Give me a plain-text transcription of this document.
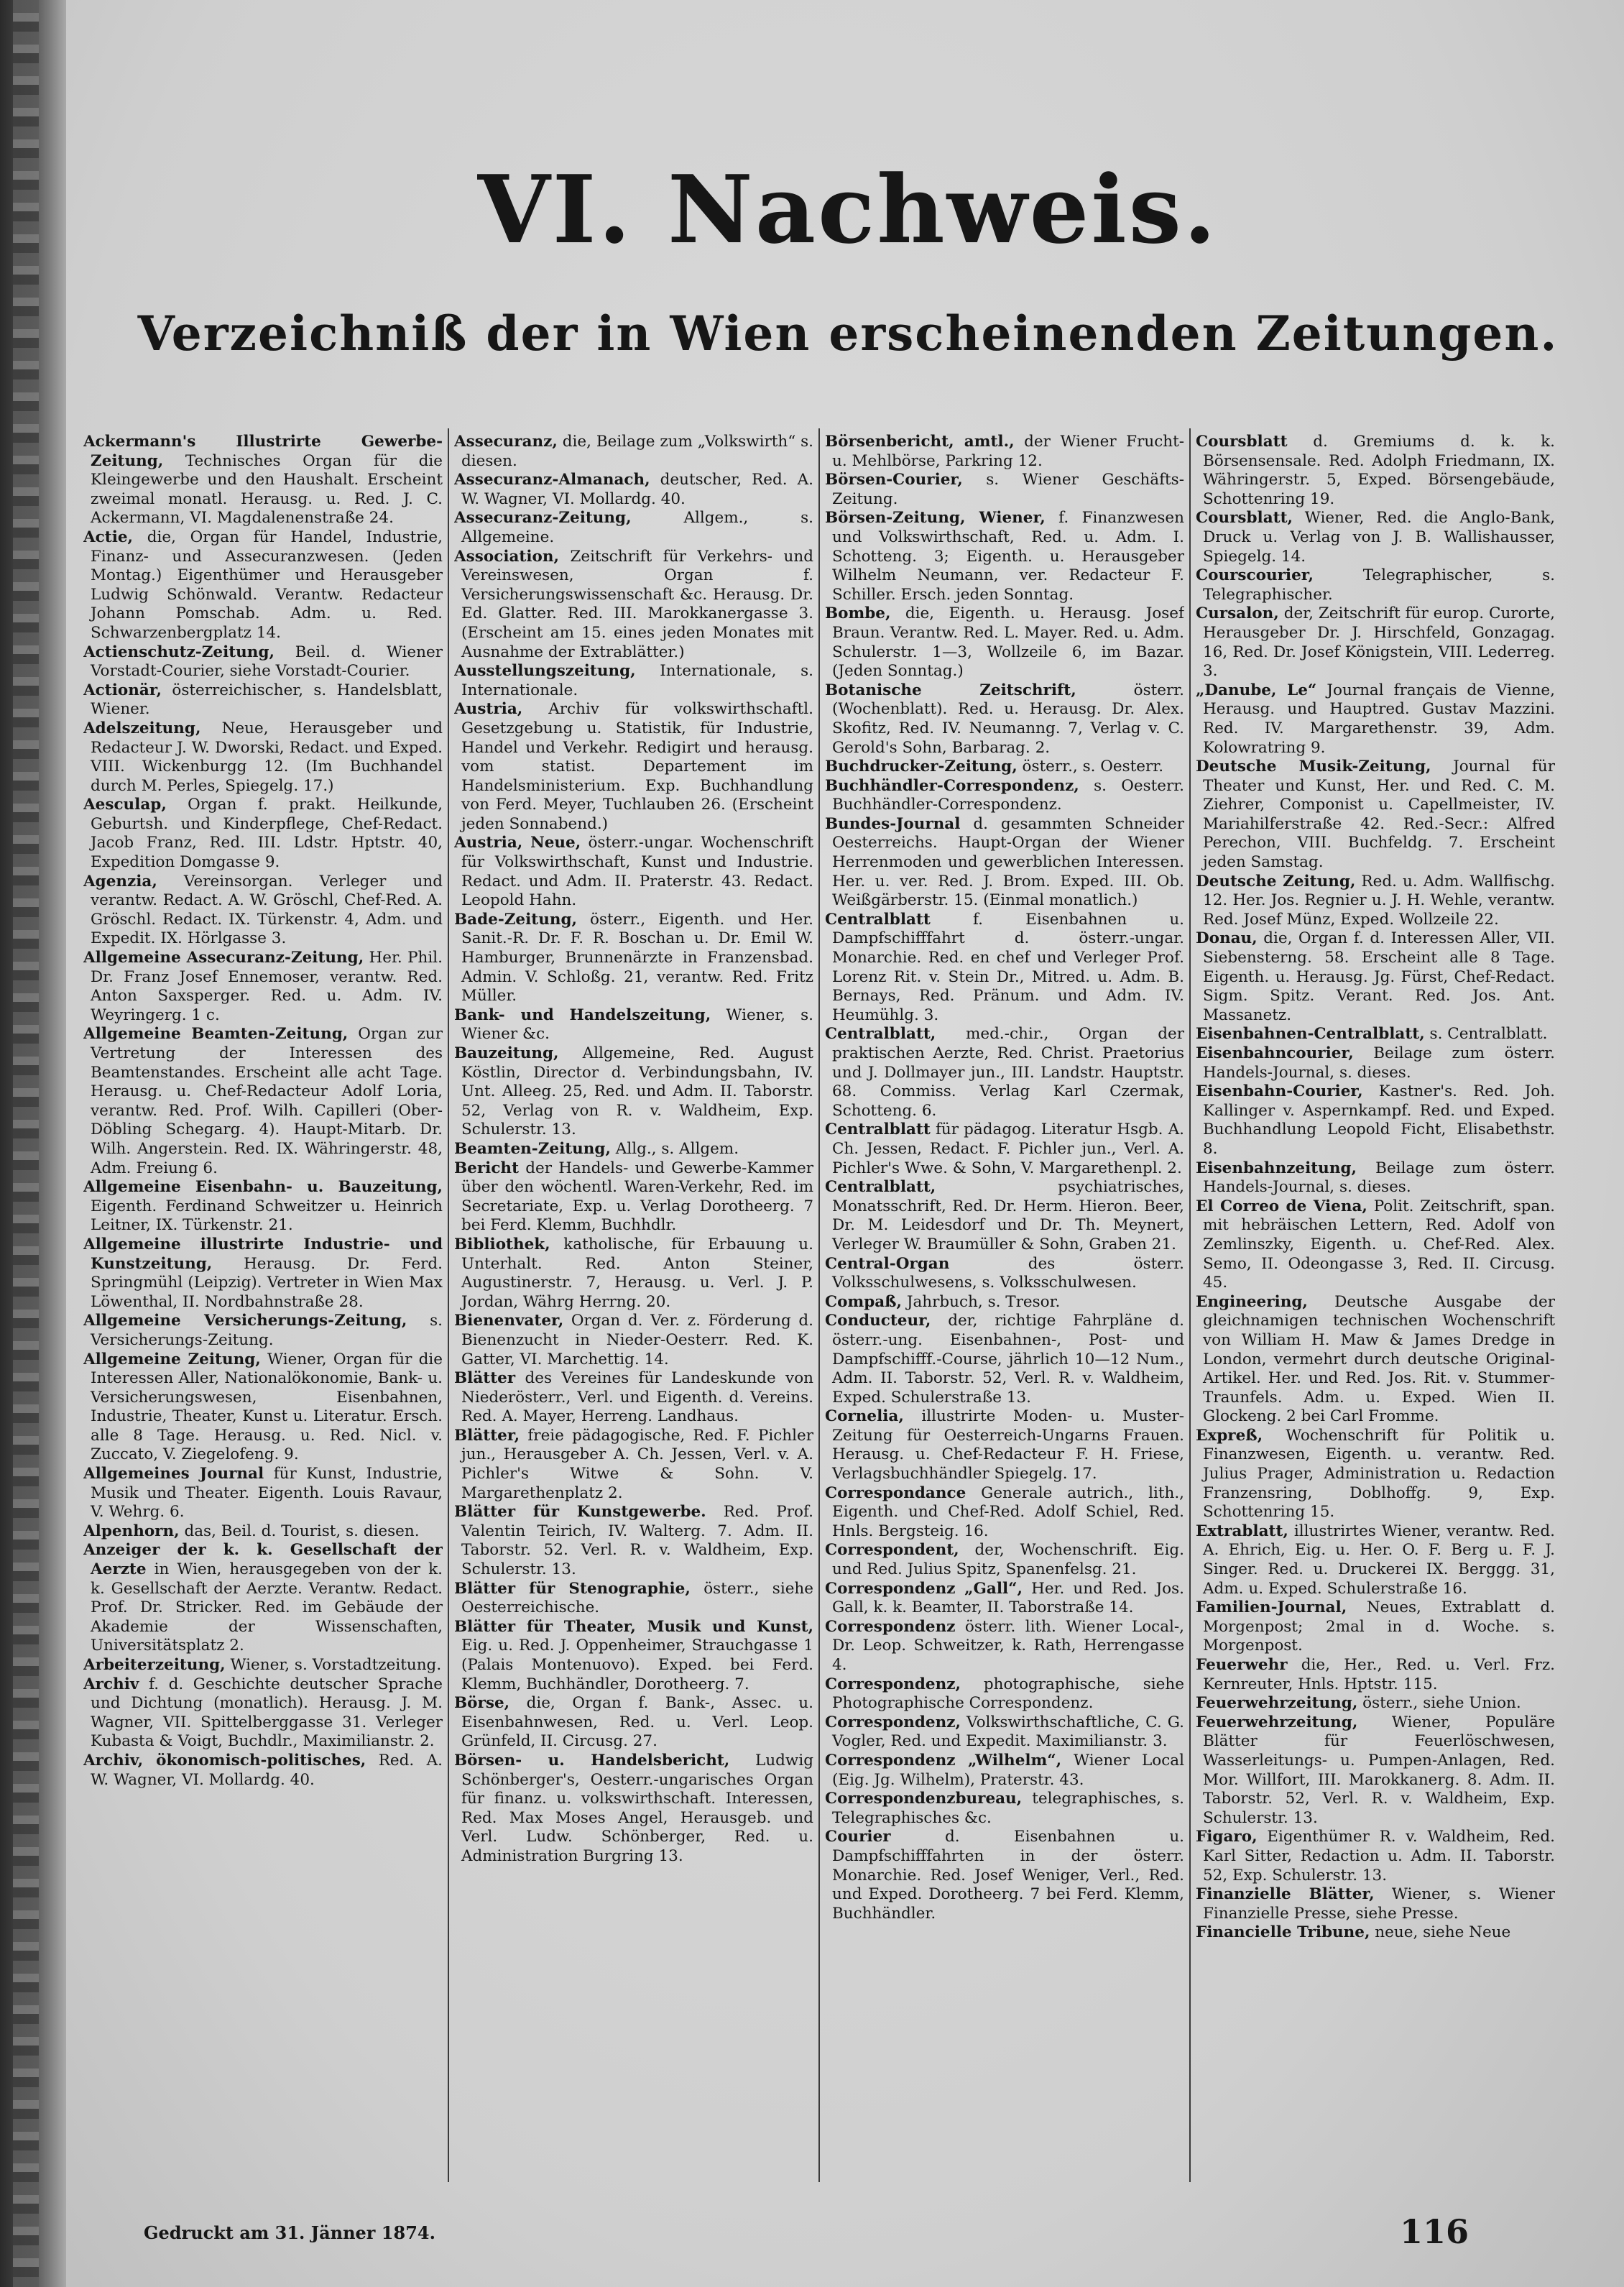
VI. Nachweis.
Verzeichniß der in Wien erscheinenden Zeitungen.

Ackermann's Illustrirte Gewerbe-Zeitung, Technisches Organ für die Kleingewerbe und den Haushalt. Erscheint zweimal monatl. Herausg. u. Red. J. C. Ackermann, VI. Magdalenenstraße 24.

Actie, die, Organ für Handel, Industrie, Finanz- und Assecuranzwesen. (Jeden Montag.) Eigenthümer und Herausgeber Ludwig Schönwald. Verantw. Redacteur Johann Pomschab. Adm. u. Red. Schwarzenbergplatz 14.

Actienschutz-Zeitung, Beil. d. Wiener Vorstadt-Courier, siehe Vorstadt-Courier.

Actionär, österreichischer, s. Handelsblatt, Wiener.

Adelszeitung, Neue, Herausgeber und Redacteur J. W. Dworski, Redact. und Exped. VIII. Wickenburgg 12. (Im Buchhandel durch M. Perles, Spiegelg. 17.)

Aesculap, Organ f. prakt. Heilkunde, Geburtsh. und Kinderpflege, Chef-Redact. Jacob Franz, Red. III. Ldstr. Hptstr. 40, Expedition Domgasse 9.

Agenzia, Vereinsorgan. Verleger und verantw. Redact. A. W. Gröschl, Chef-Red. A. Gröschl. Redact. IX. Türkenstr. 4, Adm. und Expedit. IX. Hörlgasse 3.

Allgemeine Assecuranz-Zeitung, Her. Phil. Dr. Franz Josef Ennemoser, verantw. Red. Anton Saxsperger. Red. u. Adm. IV. Weyringerg. 1 c.

Allgemeine Beamten-Zeitung, Organ zur Vertretung der Interessen des Beamtenstandes. Erscheint alle acht Tage. Herausg. u. Chef-Redacteur Adolf Loria, verantw. Red. Prof. Wilh. Capilleri (Ober-Döbling Schegarg. 4). Haupt-Mitarb. Dr. Wilh. Angerstein. Red. IX. Währingerstr. 48, Adm. Freiung 6.

Allgemeine Eisenbahn- u. Bauzeitung, Eigenth. Ferdinand Schweitzer u. Heinrich Leitner, IX. Türkenstr. 21.

Allgemeine illustrirte Industrie- und Kunstzeitung, Herausg. Dr. Ferd. Springmühl (Leipzig). Vertreter in Wien Max Löwenthal, II. Nordbahnstraße 28.

Allgemeine Versicherungs-Zeitung, s. Versicherungs-Zeitung.

Allgemeine Zeitung, Wiener, Organ für die Interessen Aller, Nationalökonomie, Bank- u. Versicherungswesen, Eisenbahnen, Industrie, Theater, Kunst u. Literatur. Ersch. alle 8 Tage. Herausg. u. Red. Nicl. v. Zuccato, V. Ziegelofeng. 9.

Allgemeines Journal für Kunst, Industrie, Musik und Theater. Eigenth. Louis Ravaur, V. Wehrg. 6.

Alpenhorn, das, Beil. d. Tourist, s. diesen.

Anzeiger der k. k. Gesellschaft der Aerzte in Wien, herausgegeben von der k. k. Gesellschaft der Aerzte. Verantw. Redact. Prof. Dr. Stricker. Red. im Gebäude der Akademie der Wissenschaften, Universitätsplatz 2.

Arbeiterzeitung, Wiener, s. Vorstadtzeitung.

Archiv f. d. Geschichte deutscher Sprache und Dichtung (monatlich). Herausg. J. M. Wagner, VII. Spittelberggasse 31. Verleger Kubasta & Voigt, Buchdlr., Maximilianstr. 2.

Archiv, ökonomisch-politisches, Red. A. W. Wagner, VI. Mollardg. 40.

Assecuranz, die, Beilage zum „Volkswirth“ s. diesen.

Assecuranz-Almanach, deutscher, Red. A. W. Wagner, VI. Mollardg. 40.

Assecuranz-Zeitung,	Allgem., s. Allgemeine.

Association, Zeitschrift für Verkehrs- und Vereinswesen, Organ f. Versicherungswissenschaft &c. Herausg. Dr. Ed. Glatter. Red. III. Marokkanergasse 3. (Erscheint am 15. eines jeden Monates mit Ausnahme der Extrablätter.)

Ausstellungszeitung, Internationale, s. Internationale.

Austria, Archiv für volkswirthschaftl. Gesetzgebung u. Statistik, für Industrie, Handel und Verkehr. Redigirt und herausg. vom statist. Departement im Handelsministerium. Exp. Buchhandlung von Ferd. Meyer, Tuchlauben 26. (Erscheint jeden Sonnabend.)

Austria, Neue, österr.-ungar. Wochenschrift für Volkswirthschaft, Kunst und Industrie. Redact. und Adm. II. Praterstr. 43. Redact. Leopold Hahn.

Bade-Zeitung, österr., Eigenth. und Her. Sanit.-R. Dr. F. R. Boschan u. Dr. Emil W. Hamburger, Brunnenärzte in Franzensbad. Admin. V. Schloßg. 21, verantw. Red. Fritz Müller.

Bank- und Handelszeitung, Wiener, s. Wiener &c.

Bauzeitung, Allgemeine, Red. August Köstlin, Director d. Verbindungsbahn, IV. Unt. Alleeg. 25, Red. und Adm. II. Taborstr. 52, Verlag von R. v. Waldheim, Exp. Schulerstr. 13.

Beamten-Zeitung, Allg., s. Allgem.

Bericht der Handels- und Gewerbe-Kammer über den wöchentl. Waren-Verkehr, Red. im Secretariate, Exp. u. Verlag Dorotheerg. 7 bei Ferd. Klemm, Buchhdlr.

Bibliothek, katholische, für Erbauung u. Unterhalt. Red. Anton Steiner, Augustinerstr. 7, Herausg. u. Verl. J. P. Jordan, Währg Herrng. 20.

Bienenvater, Organ d. Ver. z. Förderung d. Bienenzucht in Nieder-Oesterr. Red. K. Gatter, VI. Marchettig. 14.

Blätter des Vereines für Landeskunde von Niederösterr., Verl. und Eigenth. d. Vereins. Red. A. Mayer, Herreng. Landhaus.

Blätter, freie pädagogische, Red. F. Pichler jun., Herausgeber A. Ch. Jessen, Verl. v. A. Pichler's Witwe & Sohn. V. Margarethenplatz 2.

Blätter für Kunstgewerbe. Red. Prof. Valentin Teirich, IV. Walterg. 7. Adm. II. Taborstr. 52. Verl. R. v. Waldheim, Exp. Schulerstr. 13.

Blätter für Stenographie, österr., siehe Oesterreichische.

Blätter für Theater, Musik und Kunst, Eig. u. Red. J. Oppenheimer, Strauchgasse 1 (Palais Montenuovo). Exped. bei Ferd. Klemm, Buchhändler, Dorotheerg. 7.

Börse, die, Organ f. Bank-, Assec. u. Eisenbahnwesen, Red. u. Verl. Leop. Grünfeld, II. Circusg. 27.

Börsen- u. Handelsbericht, Ludwig Schönberger's, Oesterr.-ungarisches Organ für finanz. u. volkswirthschaft. Interessen, Red. Max Moses Angel, Herausgeb. und Verl. Ludw. Schönberger, Red. u. Administration Burgring 13.

Börsenbericht, amtl., der Wiener Frucht- u. Mehlbörse, Parkring 12.

Börsen-Courier, s. Wiener Geschäfts-Zeitung.

Börsen-Zeitung, Wiener, f. Finanzwesen und Volkswirthschaft, Red. u. Adm. I. Schotteng. 3; Eigenth. u. Herausgeber Wilhelm Neumann, ver. Redacteur F. Schiller. Ersch. jeden Sonntag.

Bombe, die, Eigenth. u. Herausg. Josef Braun. Verantw. Red. L. Mayer. Red. u. Adm. Schulerstr. 1—3, Wollzeile 6, im Bazar. (Jeden Sonntag.)

Botanische Zeitschrift,	österr. (Wochenblatt). Red. u. Herausg. Dr. Alex. Skofitz, Red. IV. Neumanng. 7, Verlag v. C. Gerold's Sohn, Barbarag. 2.

Buchdrucker-Zeitung, österr., s. Oesterr.

Buchhändler-Correspondenz, s. Oesterr. Buchhändler-Correspondenz.

Bundes-Journal d. gesammten Schneider Oesterreichs. Haupt-Organ der Wiener Herrenmoden und gewerblichen Interessen. Her. u. ver. Red. J. Brom. Exped. III. Ob. Weißgärberstr. 15. (Einmal monatlich.)

Centralblatt	f. Eisenbahnen u. Dampfschifffahrt d. österr.-ungar. Monarchie. Red. en chef und Verleger Prof. Lorenz Rit. v. Stein Dr., Mitred. u. Adm. B. Bernays, Red. Pränum. und Adm. IV. Heumühlg. 3.

Centralblatt, med.-chir., Organ der praktischen Aerzte, Red. Christ. Praetorius und J. Dollmayer jun., III. Landstr. Hauptstr. 68. Commiss. Verlag Karl Czermak, Schotteng. 6.

Centralblatt für pädagog. Literatur Hsgb. A. Ch. Jessen, Redact. F. Pichler jun., Verl. A. Pichler's Wwe. & Sohn, V. Margarethenpl. 2.

Centralblatt,	psychiatrisches, Monatsschrift, Red. Dr. Herm. Hieron. Beer, Dr. M. Leidesdorf und Dr. Th. Meynert, Verleger W. Braumüller & Sohn, Graben 21.

Central-Organ	des österr. Volksschulwesens, s. Volksschulwesen.

Compaß, Jahrbuch, s. Tresor.

Conducteur, der, richtige Fahrpläne d. österr.-ung. Eisenbahnen-, Post- und Dampfschifff.-Course, jährlich 10—12 Num., Adm. II. Taborstr. 52, Verl. R. v. Waldheim, Exped. Schulerstraße 13.

Cornelia, illustrirte Moden- u. Muster-Zeitung für Oesterreich-Ungarns Frauen. Herausg. u. Chef-Redacteur F. H. Friese, Verlagsbuchhändler Spiegelg. 17.

Correspondance Generale autrich., lith., Eigenth. und Chef-Red. Adolf Schiel, Red. Hnls. Bergsteig. 16.

Correspondent, der, Wochenschrift. Eig. und Red. Julius Spitz, Spanenfelsg. 21.

Correspondenz „Gall“, Her. und Red. Jos. Gall, k. k. Beamter, II. Taborstraße 14.

Correspondenz österr. lith. Wiener Local-, Dr. Leop. Schweitzer, k. Rath, Herrengasse 4.

Correspondenz, photographische, siehe Photographische Correspondenz.

Correspondenz, Volkswirthschaftliche, C. G. Vogler, Red. und Expedit. Maximilianstr. 3.

Correspondenz „Wilhelm“, Wiener Local (Eig. Jg. Wilhelm), Praterstr. 43.

Correspondenzbureau, telegraphisches, s. Telegraphisches &c.

Courier	d. Eisenbahnen u. Dampfschifffahrten in der österr. Monarchie. Red. Josef Weniger, Verl., Red. und Exped. Dorotheerg. 7 bei Ferd. Klemm, Buchhändler.

Coursblatt d. Gremiums d. k. k. Börsensensale. Red. Adolph Friedmann, IX. Währingerstr. 5, Exped. Börsengebäude, Schottenring 19.

Coursblatt, Wiener, Red. die Anglo-Bank, Druck u. Verlag von J. B. Wallishausser, Spiegelg. 14.

Courscourier,	Telegraphischer, s. Telegraphischer.

Cursalon, der, Zeitschrift für europ. Curorte, Herausgeber Dr. J. Hirschfeld, Gonzagag. 16, Red. Dr. Josef Königstein, VIII. Lederreg. 3.

„Danube, Le“ Journal français de Vienne, Herausg. und Hauptred. Gustav Mazzini. Red. IV. Margarethenstr. 39, Adm. Kolowratring 9.

Deutsche Musik-Zeitung, Journal für Theater und Kunst, Her. und Red. C. M. Ziehrer, Componist u. Capellmeister, IV. Mariahilferstraße 42. Red.-Secr.: Alfred Perechon, VIII. Buchfeldg. 7. Erscheint jeden Samstag.

Deutsche Zeitung, Red. u. Adm. Wallfischg. 12. Her. Jos. Regnier u. J. H. Wehle, verantw. Red. Josef Münz, Exped. Wollzeile 22.

Donau, die, Organ f. d. Interessen Aller, VII. Siebensterng. 58. Erscheint alle 8 Tage. Eigenth. u. Herausg. Jg. Fürst, Chef-Redact. Sigm. Spitz. Verant. Red. Jos. Ant. Massanetz.

Eisenbahnen-Centralblatt, s. Centralblatt.

Eisenbahncourier, Beilage zum österr. Handels-Journal, s. dieses.

Eisenbahn-Courier, Kastner's. Red. Joh. Kallinger v. Aspernkampf. Red. und Exped. Buchhandlung Leopold Ficht, Elisabethstr. 8.

Eisenbahnzeitung, Beilage zum österr. Handels-Journal, s. dieses.

El Correo de Viena, Polit. Zeitschrift, span. mit hebräischen Lettern, Red. Adolf von Zemlinszky, Eigenth. u. Chef-Red. Alex. Semo, II. Odeongasse 3, Red. II. Circusg. 45.

Engineering, Deutsche Ausgabe der gleichnamigen technischen Wochenschrift von William H. Maw & James Dredge in London, vermehrt durch deutsche Original-Artikel. Her. und Red. Jos. Rit. v. Stummer-Traunfels. Adm. u. Exped. Wien II. Glockeng. 2 bei Carl Fromme.

Expreß, Wochenschrift für Politik u. Finanzwesen, Eigenth. u. verantw. Red. Julius Prager, Administration u. Redaction Franzensring, Doblhoffg. 9, Exp. Schottenring 15.

Extrablatt, illustrirtes Wiener, verantw. Red. A. Ehrich, Eig. u. Her. O. F. Berg u. F. J. Singer. Red. u. Druckerei IX. Berggg. 31, Adm. u. Exped. Schulerstraße 16.

Familien-Journal, Neues, Extrablatt d. Morgenpost; 2mal in d. Woche. s. Morgenpost.

Feuerwehr die, Her., Red. u. Verl. Frz. Kernreuter, Hnls. Hptstr. 115.

Feuerwehrzeitung, österr., siehe Union.

Feuerwehrzeitung, Wiener, Populäre Blätter für Feuerlöschwesen, Wasserleitungs- u. Pumpen-Anlagen, Red. Mor. Willfort, III. Marokkanerg. 8. Adm. II. Taborstr. 52, Verl. R. v. Waldheim, Exp. Schulerstr. 13.

Figaro, Eigenthümer R. v. Waldheim, Red. Karl Sitter, Redaction u. Adm. II. Taborstr. 52, Exp. Schulerstr. 13.

Finanzielle Blätter, Wiener, s. Wiener Finanzielle Presse, siehe Presse.

Financielle Tribune, neue, siehe Neue

Gedruckt am 31. Jänner 1874.	116
